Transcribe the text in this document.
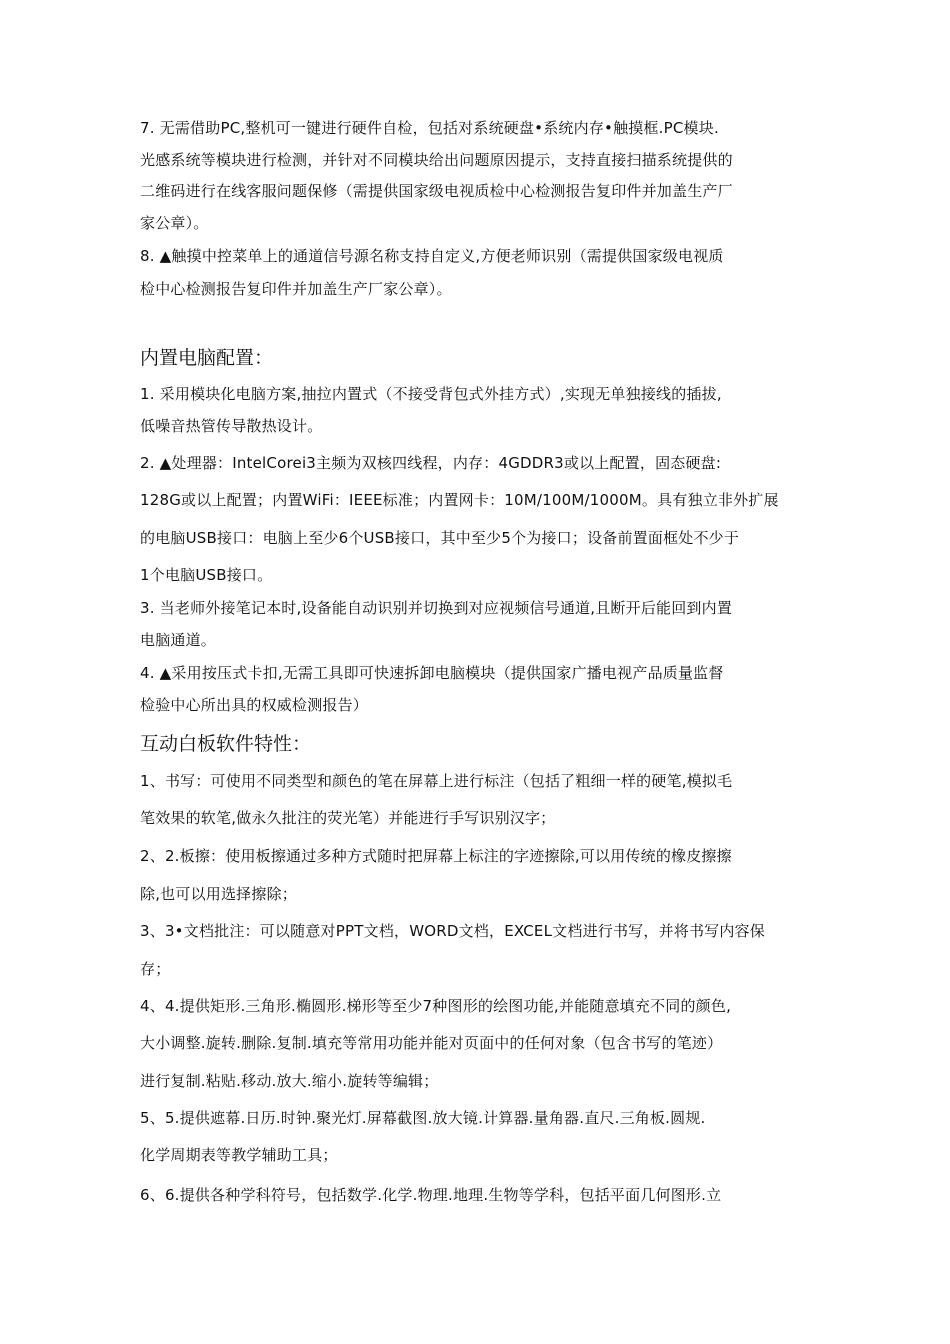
7. 无需借助PC,整机可一键进行硬件自检，包括对系统硬盘•系统内存•触摸框.PC模块.
光感系统等模块进行检测，并针对不同模块给出问题原因提示，支持直接扫描系统提供的
二维码进行在线客服问题保修（需提供国家级电视质检中心检测报告复印件并加盖生产厂
家公章）。
8. ▲触摸中控菜单上的通道信号源名称支持自定义,方便老师识别（需提供国家级电视质
检中心检测报告复印件并加盖生产厂家公章）。
内置电脑配置：
1. 采用模块化电脑方案,抽拉内置式（不接受背包式外挂方式）,实现无单独接线的插拔,
低噪音热管传导散热设计。
2. ▲处理器：IntelCorei3主频为双核四线程，内存：4GDDR3或以上配置，固态硬盘:
128G或以上配置；内置WiFi：IEEE标准；内置网卡：10M/100M/1000M。具有独立非外扩展
的电脑USB接口：电脑上至少6个USB接口，其中至少5个为接口；设备前置面框处不少于
1个电脑USB接口。
3. 当老师外接笔记本时,设备能自动识别并切换到对应视频信号通道,且断开后能回到内置
电脑通道。
4. ▲采用按压式卡扣,无需工具即可快速拆卸电脑模块（提供国家广播电视产品质量监督
检验中心所出具的权威检测报告）
互动白板软件特性：
1、书写：可使用不同类型和颜色的笔在屏幕上进行标注（包括了粗细一样的硬笔,模拟毛
笔效果的软笔,做永久批注的荧光笔）并能进行手写识别汉字；
2、2.板擦：使用板擦通过多种方式随时把屏幕上标注的字迹擦除,可以用传统的橡皮擦擦
除,也可以用选择擦除；
3、3•文档批注：可以随意对PPT文档，WORD文档，EXCEL文档进行书写，并将书写内容保
存；
4、4.提供矩形.三角形.椭圆形.梯形等至少7种图形的绘图功能,并能随意填充不同的颜色,
大小调整.旋转.删除.复制.填充等常用功能并能对页面中的任何对象（包含书写的笔迹）
进行复制.粘贴.移动.放大.缩小.旋转等编辑；
5、5.提供遮幕.日历.时钟.聚光灯.屏幕截图.放大镜.计算器.量角器.直尺.三角板.圆规.
化学周期表等教学辅助工具；
6、6.提供各种学科符号，包括数学.化学.物理.地理.生物等学科，包括平面几何图形.立
